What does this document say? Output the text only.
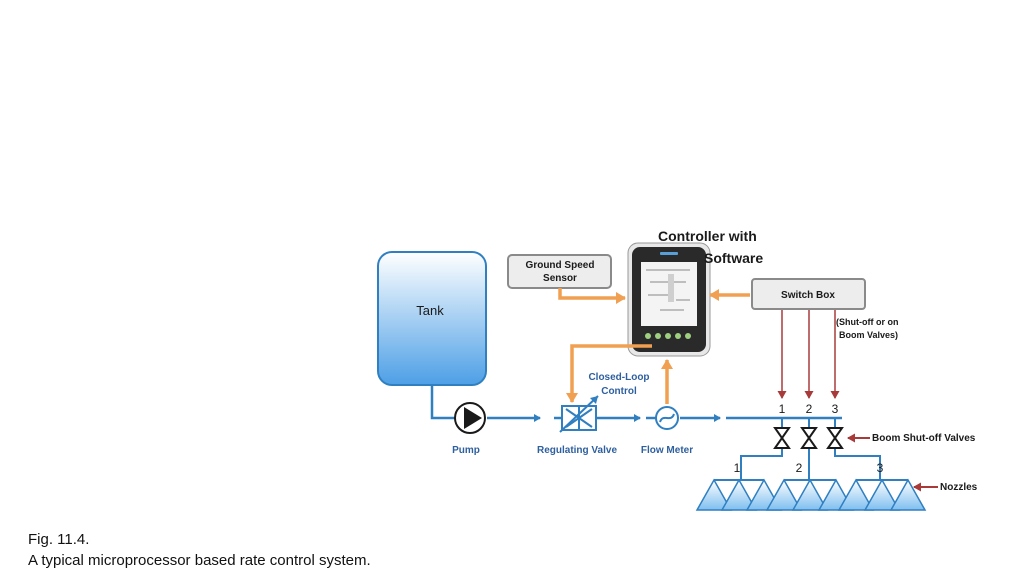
Tank
Pump	Regulating Valve Flow Meter
Controller with
Software
Ground Speed
Sensor
Switch Box
(Shut-off or on
Boom Valves)
Closed-Loop
Control
1 2 3
Boom Shut-off Valves
1	2	3
Nozzles
Fig. 11.4.
A typical microprocessor based rate control system.
